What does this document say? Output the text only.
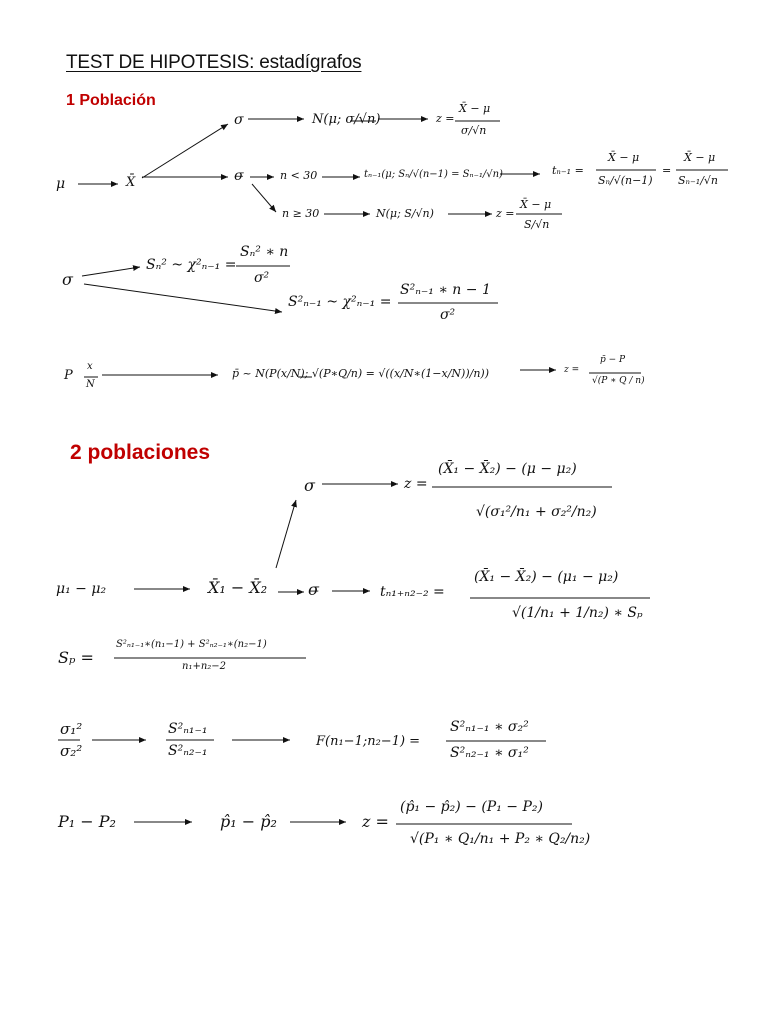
TEST DE HIPOTESIS: estadígrafos
1 Población
μ	X̄
σ	N(μ; σ/√n)	z =
X̄ − μ
σ/√n
σ̶	n < 30	tₙ₋₁(μ; Sₙ/√(n−1) = Sₙ₋₁/√n)	tₙ₋₁ =
X̄ − μ
Sₙ/√(n−1)
=
X̄ − μ
Sₙ₋₁/√n
n ≥ 30	N(μ; S/√n)	z =
X̄ − μ
S/√n
σ
Sₙ² ~ χ²ₙ₋₁ =
Sₙ² ∗ n
σ²
S²ₙ₋₁ ~ χ²ₙ₋₁ =
S²ₙ₋₁ ∗ n − 1
σ²
P
x
N
p̄ ~ N(P(x/N); √(P∗Q/n) = √((x/N∗(1−x/N))/n))	z =
p̄ − P
√(P ∗ Q / n)
2 poblaciones
σ	z =
(X̄₁ − X̄₂) − (μ − μ₂)
√(σ₁²/n₁ + σ₂²/n₂)
μ₁ − μ₂	X̄₁ − X̄₂	σ̶	tₙ₁₊ₙ₂₋₂ =
(X̄₁ − X̄₂) − (μ₁ − μ₂)
√(1/n₁ + 1/n₂) ∗ Sₚ
Sₚ =
S²ₙ₁₋₁∗(n₁−1) + S²ₙ₂₋₁∗(n₂−1)
n₁+n₂−2
σ₁²
σ₂²
S²ₙ₁₋₁
S²ₙ₂₋₁
F(n₁−1;n₂−1) =
S²ₙ₁₋₁ ∗ σ₂²
S²ₙ₂₋₁ ∗ σ₁²
P₁ − P₂	p̂₁ − p̂₂	z =
(p̂₁ − p̂₂) − (P₁ − P₂)
√(P₁ ∗ Q₁/n₁ + P₂ ∗ Q₂/n₂)
